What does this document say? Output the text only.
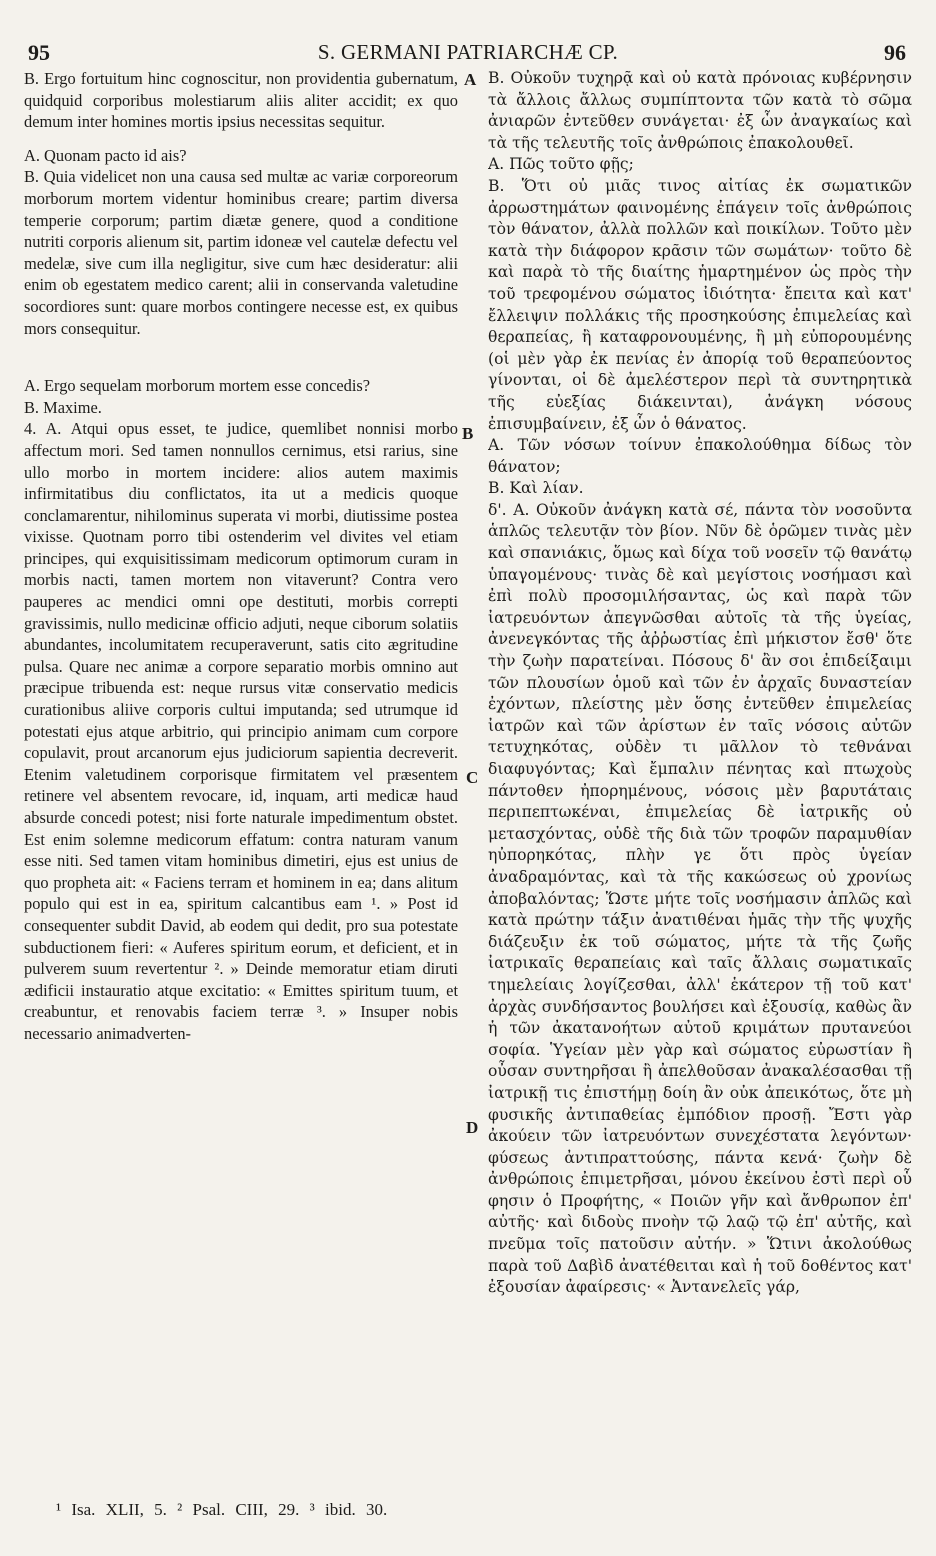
95	S. GERMANI PATRIARCHÆ CP.	96

B. Ergo fortuitum hinc cognoscitur, non providentia gubernatum, quidquid corporibus molestiarum aliis aliter accidit; ex quo demum inter homines mortis ipsius necessitas sequitur.

A. Quonam pacto id ais?

B. Quia videlicet non una causa sed multæ ac variæ corporeorum morborum mortem videntur hominibus creare; partim diversa temperie corporum; partim diætæ genere, quod a conditione nutriti corporis alienum sit, partim idoneæ vel cautelæ defectu vel medelæ, sive cum illa negligitur, sive cum hæc desideratur: alii enim ob egestatem medico carent; alii in conservanda valetudine socordiores sunt: quare morbos contingere necesse est, ex quibus mors consequitur.

A. Ergo sequelam morborum mortem esse concedis?

B. Maxime.

4. A. Atqui opus esset, te judice, quemlibet nonnisi morbo affectum mori. Sed tamen nonnullos cernimus, etsi rarius, sine ullo morbo in mortem incidere: alios autem maximis infirmitatibus diu conflictatos, ita ut a medicis quoque conclamarentur, nihilominus superata vi morbi, diutissime postea vixisse. Quotnam porro tibi ostenderim vel divites vel etiam principes, qui exquisitissimam medicorum optimorum curam in morbis nacti, tamen mortem non vitaverunt? Contra vero pauperes ac mendici omni ope destituti, morbis correpti gravissimis, nullo medicinæ officio adjuti, neque ciborum solatiis abundantes, incolumitatem recuperaverunt, satis cito ægritudine pulsa. Quare nec animæ a corpore separatio morbis omnino aut præcipue tribuenda est: neque rursus vitæ conservatio medicis curationibus aliive corporis cultui imputanda; sed utrumque id potestati ejus atque arbitrio, qui principio animam cum corpore copulavit, prout arcanorum ejus judiciorum sapientia decreverit. Etenim valetudinem corporisque firmitatem vel præsentem retinere vel absentem revocare, id, inquam, arti medicæ haud absurde concedi potest; nisi forte naturale impedimentum obstet. Est enim solemne medicorum effatum: contra naturam vanum esse niti. Sed tamen vitam hominibus dimetiri, ejus est unius de quo propheta ait: « Faciens terram et hominem in ea; dans alitum populo qui est in ea, spiritum calcantibus eam ¹. » Post id consequenter subdit David, ab eodem qui dedit, pro sua potestate subductionem fieri: « Auferes spiritum eorum, et deficient, et in pulverem suum revertentur ². » Deinde memoratur etiam diruti ædificii instauratio atque excitatio: « Emittes spiritum tuum, et creabuntur, et renovabis faciem terræ ³. » Insuper nobis necessario animadverten-

A
B
C
D

Β. Οὐκοῦν τυχηρᾷ καὶ οὐ κατὰ πρόνοιας κυβέρνησιν τὰ ἄλλοις ἄλλως συμπίπτοντα τῶν κατὰ τὸ σῶμα ἀνιαρῶν ἐντεῦθεν συνάγεται· ἐξ ὧν ἀναγκαίως καὶ τὰ τῆς τελευτῆς τοῖς ἀνθρώποις ἐπακολουθεῖ.

Α. Πῶς τοῦτο φῇς;

Β. Ὅτι οὐ μιᾶς τινος αἰτίας ἐκ σωματικῶν ἀρρωστημάτων φαινομένης ἐπάγειν τοῖς ἀνθρώποις τὸν θάνατον, ἀλλὰ πολλῶν καὶ ποικίλων. Τοῦτο μὲν κατὰ τὴν διάφορον κρᾶσιν τῶν σωμάτων· τοῦτο δὲ καὶ παρὰ τὸ τῆς διαίτης ἡμαρτημένον ὡς πρὸς τὴν τοῦ τρεφομένου σώματος ἰδιότητα· ἔπειτα καὶ κατ' ἔλλειψιν πολλάκις τῆς προσηκούσης ἐπιμελείας καὶ θεραπείας, ἢ καταφρονουμένης, ἢ μὴ εὐπορουμένης (οἱ μὲν γὰρ ἐκ πενίας ἐν ἀπορίᾳ τοῦ θεραπεύοντος γίνονται, οἱ δὲ ἀμελέστερον περὶ τὰ συντηρητικὰ τῆς εὐεξίας διάκεινται), ἀνάγκη νόσους ἐπισυμβαίνειν, ἐξ ὧν ὁ θάνατος.

Α. Τῶν νόσων τοίνυν ἐπακολούθημα δίδως τὸν θάνατον;

Β. Καὶ λίαν.

δ'. Α. Οὐκοῦν ἀνάγκη κατὰ σέ, πάντα τὸν νοσοῦντα ἁπλῶς τελευτᾷν τὸν βίον. Νῦν δὲ ὁρῶμεν τινὰς μὲν καὶ σπανιάκις, ὅμως καὶ δίχα τοῦ νοσεῖν τῷ θανάτῳ ὑπαγομένους· τινὰς δὲ καὶ μεγίστοις νοσήμασι καὶ ἐπὶ πολὺ προσομιλήσαντας, ὡς καὶ παρὰ τῶν ἰατρευόντων ἀπεγνῶσθαι αὐτοῖς τὰ τῆς ὑγείας, ἀνενεγκόντας τῆς ἀῤῥωστίας ἐπὶ μήκιστον ἔσθ' ὅτε τὴν ζωὴν παρατείναι. Πόσους δ' ἂν σοι ἐπιδείξαιμι τῶν πλουσίων ὁμοῦ καὶ τῶν ἐν ἀρχαῖς δυναστείαν ἐχόντων, πλείστης μὲν ὅσης ἐντεῦθεν ἐπιμελείας ἰατρῶν καὶ τῶν ἀρίστων ἐν ταῖς νόσοις αὐτῶν τετυχηκότας, οὐδὲν τι μᾶλλον τὸ τεθνάναι διαφυγόντας; Καὶ ἔμπαλιν πένητας καὶ πτωχοὺς πάντοθεν ἠπορημένους, νόσοις μὲν βαρυτάταις περιπεπτωκέναι, ἐπιμελείας δὲ ἰατρικῆς οὐ μετασχόντας, οὐδὲ τῆς διὰ τῶν τροφῶν παραμυθίαν ηὐπορηκότας, πλὴν γε ὅτι πρὸς ὑγείαν ἀναδραμόντας, καὶ τὰ τῆς κακώσεως οὐ χρονίως ἀποβαλόντας; Ὥστε μήτε τοῖς νοσήμασιν ἁπλῶς καὶ κατὰ πρώτην τάξιν ἀνατιθέναι ἡμᾶς τὴν τῆς ψυχῆς διάζευξιν ἐκ τοῦ σώματος, μήτε τὰ τῆς ζωῆς ἰατρικαῖς θεραπείαις καὶ ταῖς ἄλλαις σωματικαῖς τημελείαις λογίζεσθαι, ἀλλ' ἑκάτερον τῇ τοῦ κατ' ἀρχὰς συνδήσαντος βουλήσει καὶ ἐξουσίᾳ, καθὼς ἂν ἡ τῶν ἀκατανοήτων αὐτοῦ κριμάτων πρυτανεύοι σοφία. Ὑγείαν μὲν γὰρ καὶ σώματος εὐρωστίαν ἢ οὖσαν συντηρῆσαι ἢ ἀπελθοῦσαν ἀνακαλέσασθαι τῇ ἰατρικῇ τις ἐπιστήμῃ δοίη ἂν οὐκ ἀπεικότως, ὅτε μὴ φυσικῆς ἀντιπαθείας ἐμπόδιον προσῇ. Ἔστι γὰρ ἀκούειν τῶν ἰατρευόντων συνεχέστατα λεγόντων· φύσεως ἀντιπραττούσης, πάντα κενά· ζωὴν δὲ ἀνθρώποις ἐπιμετρῆσαι, μόνου ἐκείνου ἐστὶ περὶ οὗ φησιν ὁ Προφήτης, « Ποιῶν γῆν καὶ ἄνθρωπον ἐπ' αὐτῆς· καὶ διδοὺς πνοὴν τῷ λαῷ τῷ ἐπ' αὐτῆς, καὶ πνεῦμα τοῖς πατοῦσιν αὐτήν. » Ὥτινι ἀκολούθως παρὰ τοῦ Δαβὶδ ἀνατέθειται καὶ ἡ τοῦ δοθέντος κατ' ἐξουσίαν ἀφαίρεσις· « Ἀντανελεῖς γάρ,

¹ Isa. XLII, 5. ² Psal. CIII, 29. ³ ibid. 30.
